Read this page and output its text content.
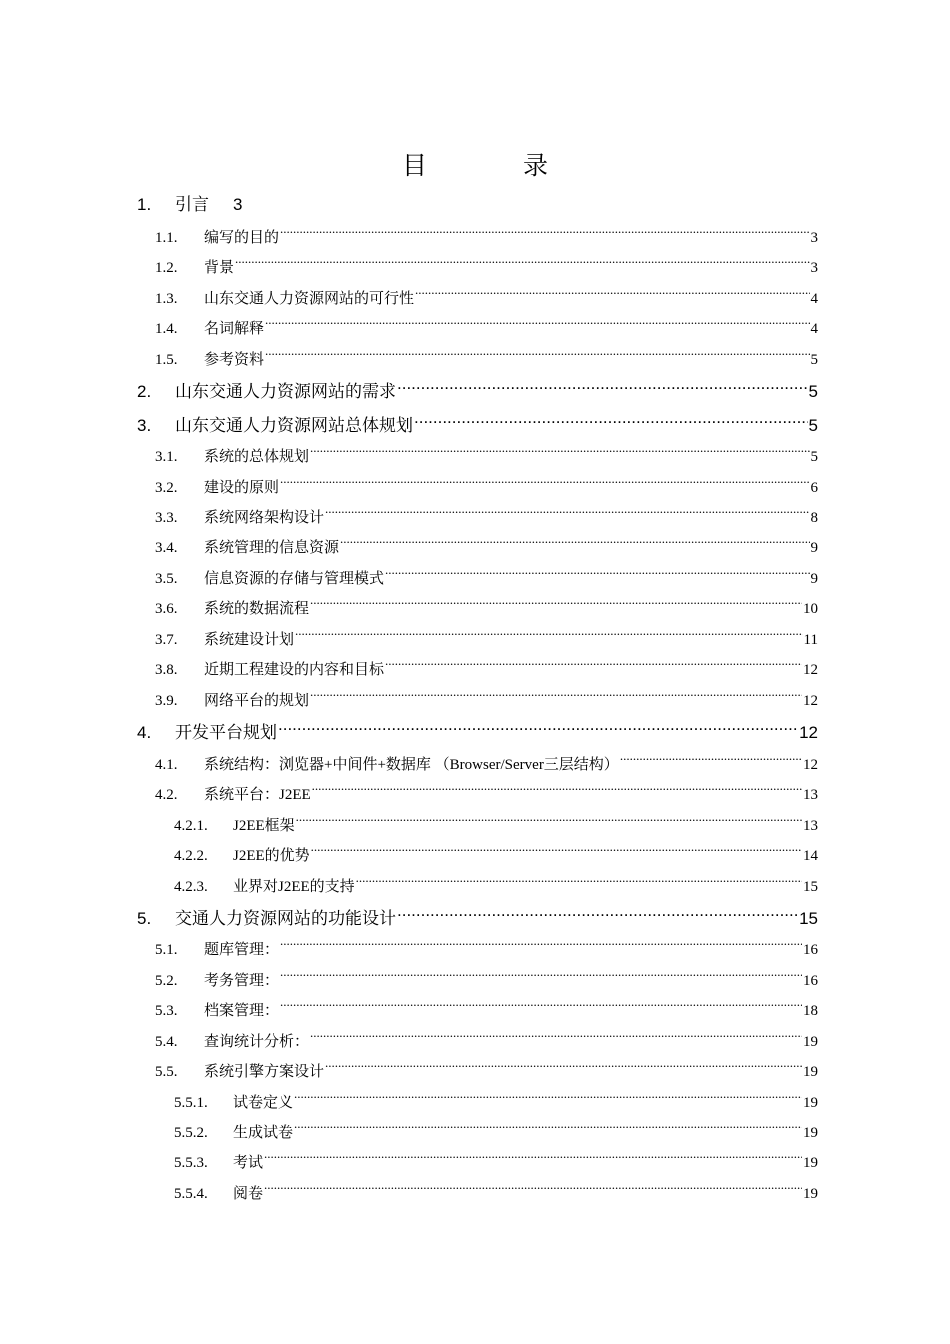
目 录
1.	引言 3
1.1.	编写的目的 .....	3
1.2.	背景 .....	3
1.3.	山东交通人力资源网站的可行性 .....	4
1.4.	名词解释 .....	4
1.5.	参考资料 .....	5
2.	山东交通人力资源网站的需求 .....	5
3.	山东交通人力资源网站总体规划 .....	5
3.1.	系统的总体规划 .....	5
3.2.	建设的原则 .....	6
3.3.	系统网络架构设计 .....	8
3.4.	系统管理的信息资源 .....	9
3.5.	信息资源的存储与管理模式 .....	9
3.6.	系统的数据流程 .....	10
3.7.	系统建设计划 .....	11
3.8.	近期工程建设的内容和目标 .....	12
3.9.	网络平台的规划 .....	12
4.	开发平台规划 .....	12
4.1.	系统结构：浏览器+中间件+数据库 （Browser/Server三层结构） .....	12
4.2.	系统平台：J2EE .....	13
4.2.1.	J2EE框架 .....	13
4.2.2.	J2EE的优势 .....	14
4.2.3.	业界对J2EE的支持 .....	15
5.	交通人力资源网站的功能设计 .....	15
5.1.	题库管理： .....	16
5.2.	考务管理： .....	16
5.3.	档案管理： .....	18
5.4.	查询统计分析： .....	19
5.5.	系统引擎方案设计 .....	19
5.5.1.	试卷定义 .....	19
5.5.2.	生成试卷 .....	19
5.5.3.	考试 .....	19
5.5.4.	阅卷 .....	19
